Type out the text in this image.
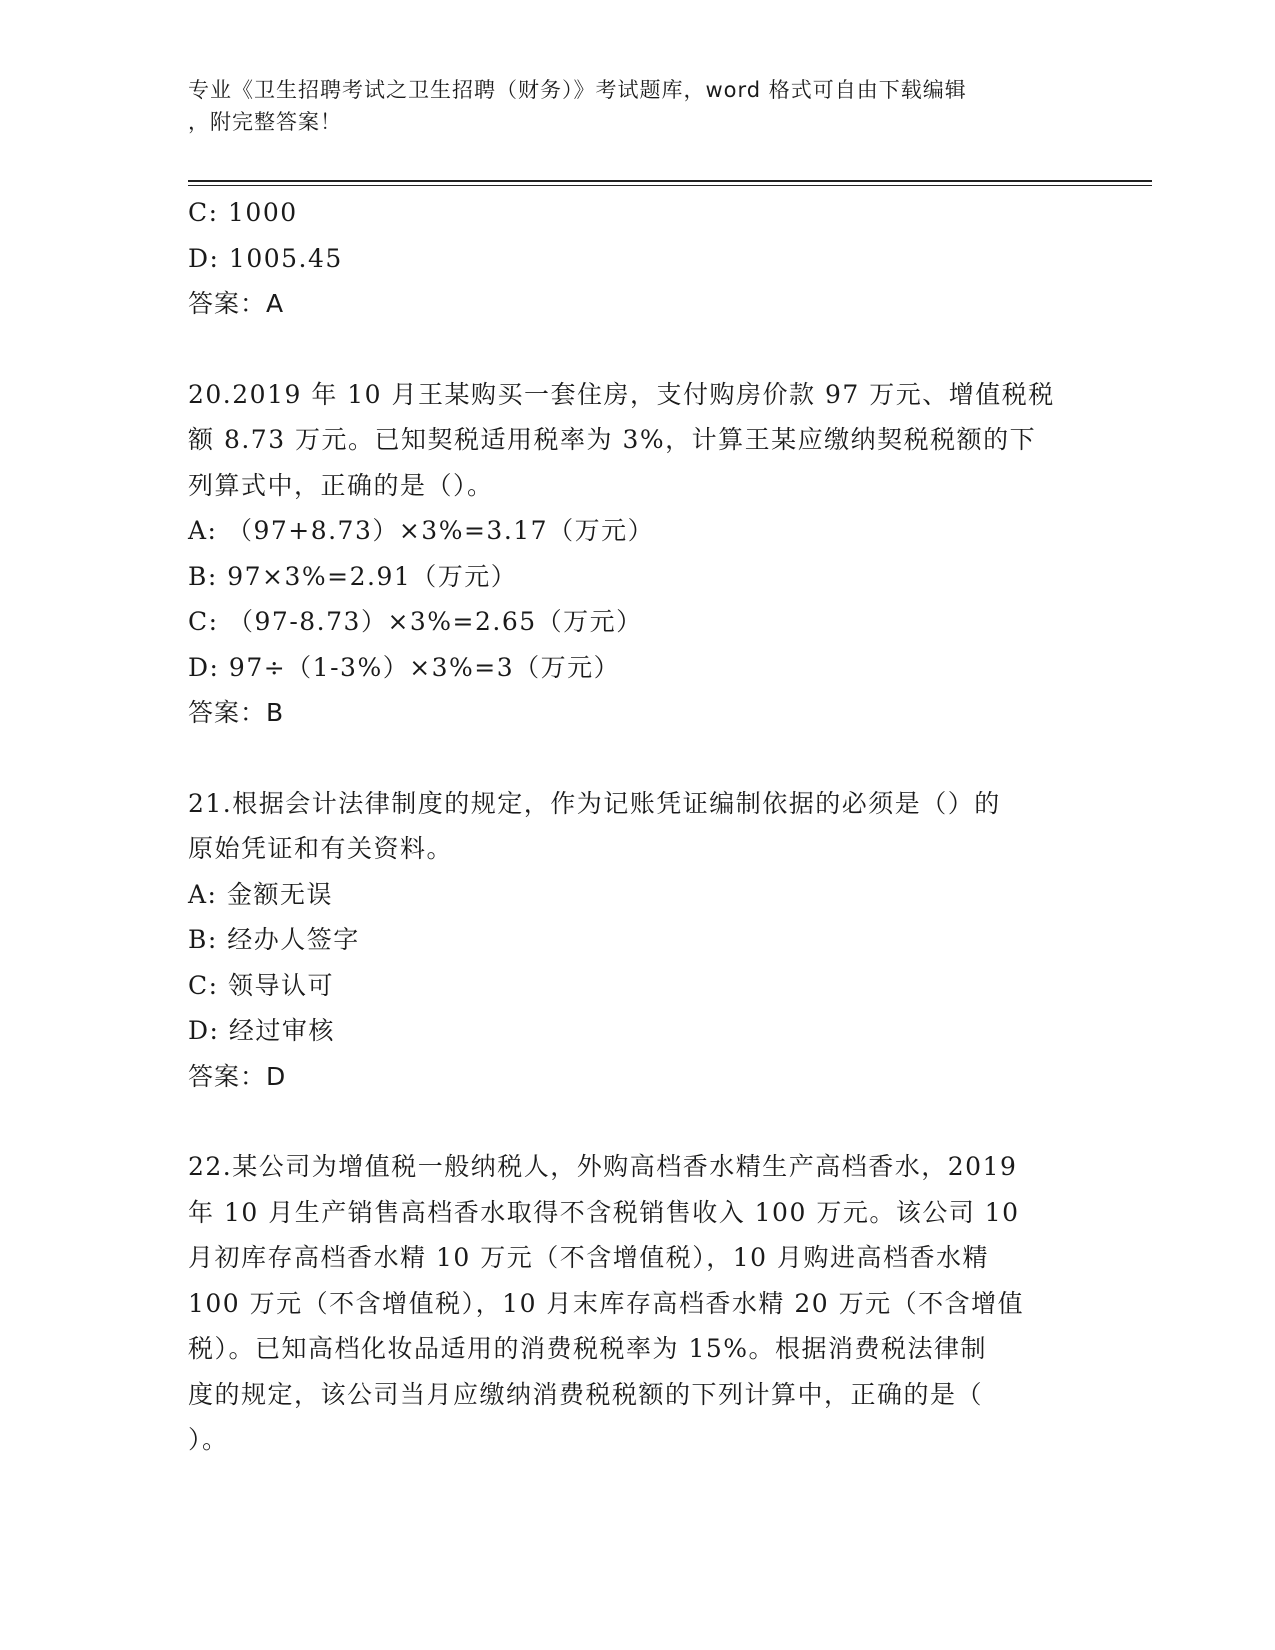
专业《卫生招聘考试之卫生招聘（财务）》考试题库，word 格式可自由下载编辑
，附完整答案！
C: 1000
D: 1005.45
答案：A
20.2019 年 10 月王某购买一套住房，支付购房价款 97 万元、增值税税
额 8.73 万元。已知契税适用税率为 3%，计算王某应缴纳契税税额的下
列算式中，正确的是（）。
A: （97+8.73）×3%=3.17（万元）
B: 97×3%=2.91（万元）
C: （97-8.73）×3%=2.65（万元）
D: 97÷（1-3%）×3%=3（万元）
答案：B
21.根据会计法律制度的规定，作为记账凭证编制依据的必须是（）的
原始凭证和有关资料。
A: 金额无误
B: 经办人签字
C: 领导认可
D: 经过审核
答案：D
22.某公司为增值税一般纳税人，外购高档香水精生产高档香水，2019
年 10 月生产销售高档香水取得不含税销售收入 100 万元。该公司 10
月初库存高档香水精 10 万元（不含增值税），10 月购进高档香水精
100 万元（不含增值税），10 月末库存高档香水精 20 万元（不含增值
税）。已知高档化妆品适用的消费税税率为 15%。根据消费税法律制
度的规定，该公司当月应缴纳消费税税额的下列计算中，正确的是（
）。
